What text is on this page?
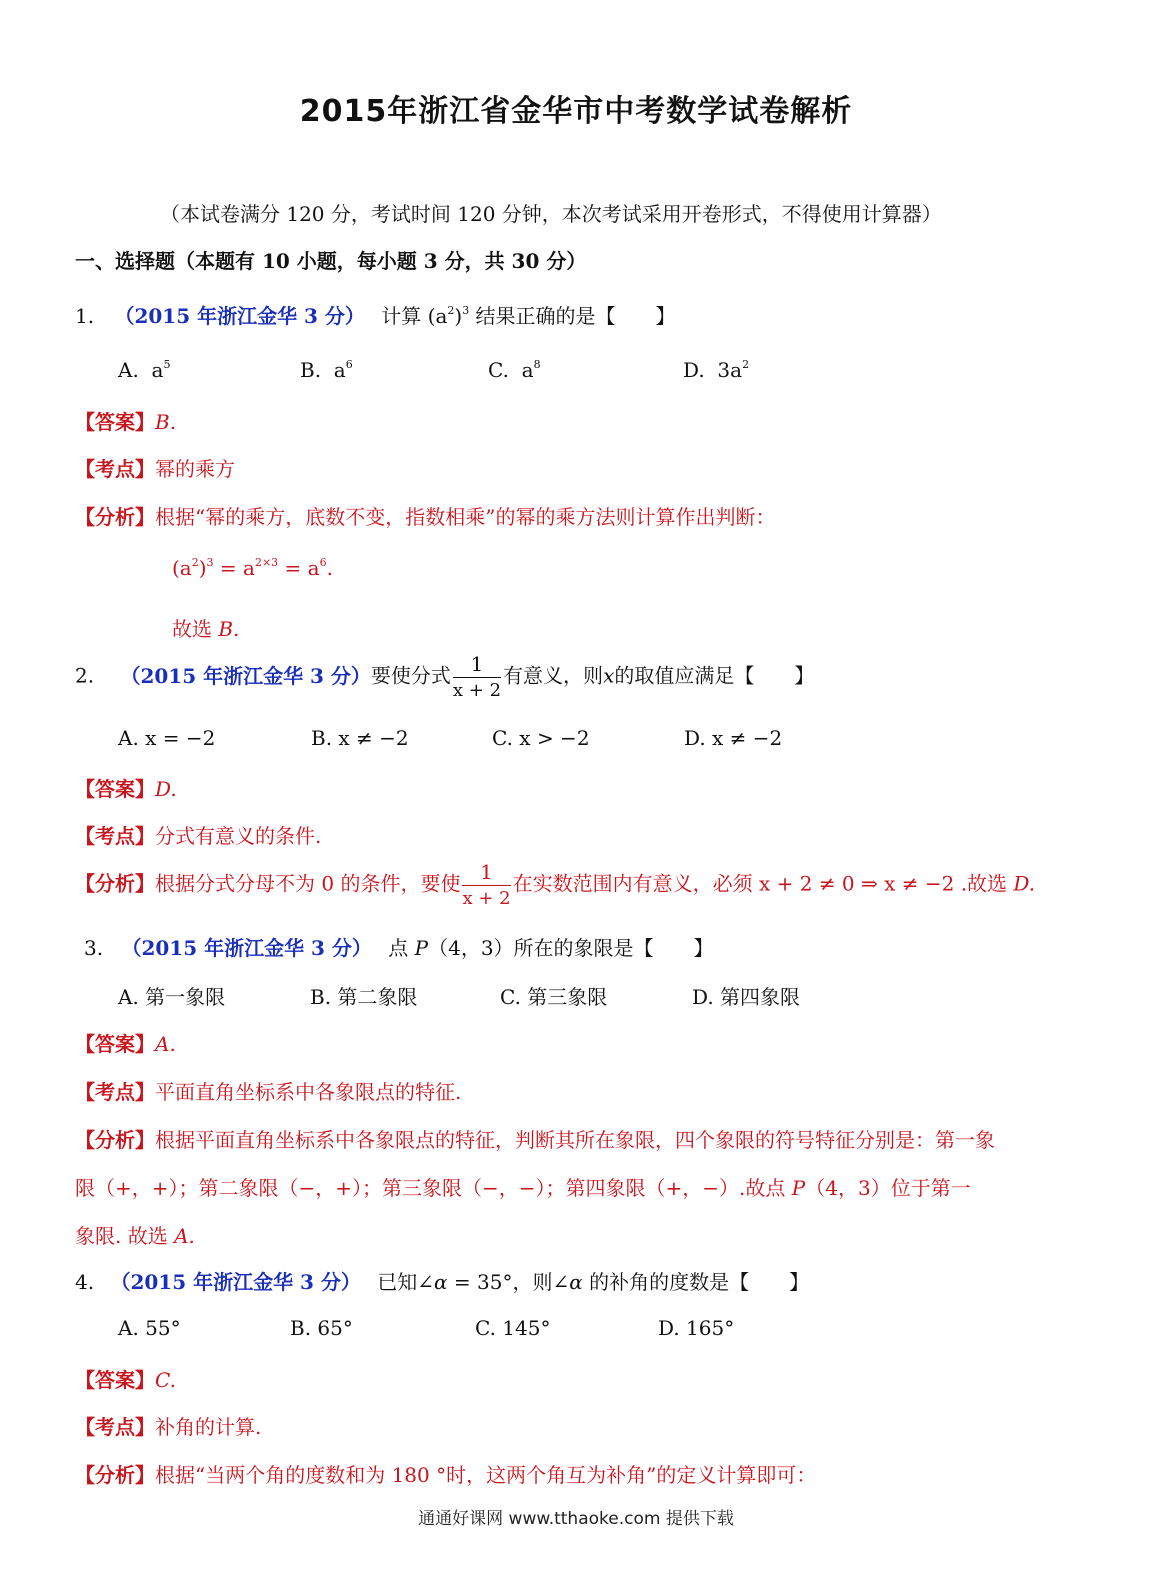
2015年浙江省金华市中考数学试卷解析
（本试卷满分 120 分，考试时间 120 分钟，本次考试采用开卷形式，不得使用计算器）
一、选择题（本题有 10 小题，每小题 3 分，共 30 分）
1. （2015 年浙江金华 3 分） 计算 $(a^2)^3$ 结果正确的是【　　】
A. $a^5$	B. $a^6$	C. $a^8$	D. $3a^2$
【答案】B.
【考点】幂的乘方
【分析】根据“幂的乘方，底数不变，指数相乘”的幂的乘方法则计算作出判断：
$(a^2)^3 = a^{2\times 3} = a^6$.
故选 B.
2. （2015 年浙江金华 3 分）要使分式 $\frac{1}{x + 2}$ 有意义，则x的取值应满足【　　】
A. x = −2	B. x ≠ −2	C. x > −2	D. x ≠ −2
【答案】D.
【考点】分式有意义的条件.
【分析】根据分式分母不为 0 的条件，要使 $\frac{1}{x + 2}$ 在实数范围内有意义，必须 x + 2 ≠ 0 ⇒ x ≠ −2 .故选 D.
3. （2015 年浙江金华 3 分） 点 P（4，3）所在的象限是【　　】
A. 第一象限	B. 第二象限	C. 第三象限	D. 第四象限
【答案】A.
【考点】平面直角坐标系中各象限点的特征.
【分析】根据平面直角坐标系中各象限点的特征，判断其所在象限，四个象限的符号特征分别是：第一象
限（+，+）；第二象限（−，+）；第三象限（−，−）；第四象限（+，−）.故点 P（4，3）位于第一
象限. 故选 A.
4. （2015 年浙江金华 3 分） 已知∠α = 35°，则∠α 的补角的度数是【　　】
A. 55°	B. 65°	C. 145°	D. 165°
【答案】C.
【考点】补角的计算.
【分析】根据“当两个角的度数和为 180 °时，这两个角互为补角”的定义计算即可：
通通好课网 www.tthaoke.com 提供下载
